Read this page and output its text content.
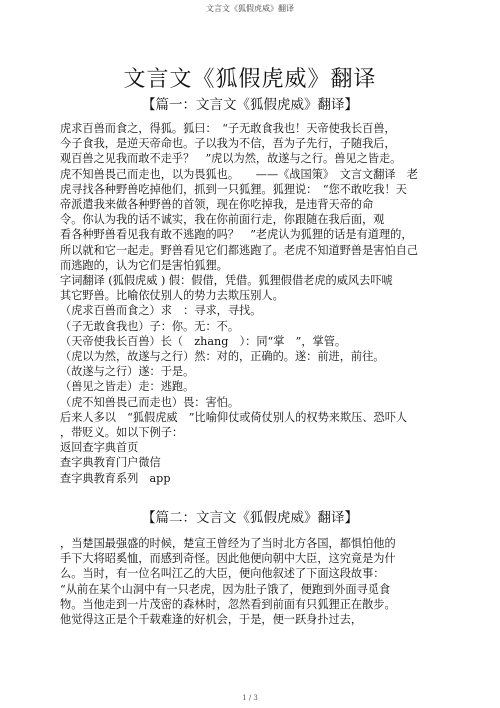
文言文《狐假虎威》翻译
文言文《狐假虎威》翻译
【篇一：文言文《狐假虎威》翻译】
虎求百兽而食之，得狐。狐曰：　“子无敢食我也！天帝使我长百兽，
今子食我，是逆天帝命也。子以我为不信，吾为子先行，子随我后，
观百兽之见我而敢不走乎？　”虎以为然，故遂与之行。兽见之皆走。
虎不知兽畏己而走也，以为畏狐也。　　——《战国策》　文言文翻译　老
虎寻找各种野兽吃掉他们，抓到一只狐狸。狐狸说：　“您不敢吃我！天
帝派遣我来做各种野兽的首领，现在你吃掉我，是违背天帝的命
令。你认为我的话不诚实，我在你前面行走，你跟随在我后面，观
看各种野兽看见我有敢不逃跑的吗？　”老虎认为狐狸的话是有道理的，
所以就和它一起走。野兽看见它们都逃跑了。老虎不知道野兽是害怕自己
而逃跑的，认为它们是害怕狐狸。
字词翻译 (狐假虎威 ) 假：假借，凭借。狐狸假借老虎的威风去吓唬
其它野兽。比喻依仗别人的势力去欺压别人。
（虎求百兽而食之）求　：寻求，寻找。
（子无敢食我也）子：你。无：不。
（天帝使我长百兽）长（　zhang　）：同“掌　”，掌管。
（虎以为然，故遂与之行）然：对的，正确的。遂：前进，前往。
（故遂与之行）遂：于是。
（兽见之皆走）走：逃跑。
（虎不知兽畏己而走也）畏：害怕。
后来人多以　“狐假虎威　”比喻仰仗或倚仗别人的权势来欺压、恐吓人
，带贬义。如以下例子：
返回查字典首页
查字典教育门户微信
查字典教育系列　app
【篇二：文言文《狐假虎威》翻译】
，当楚国最强盛的时候，楚宣王曾经为了当时北方各国，都惧怕他的
手下大将昭奚恤，而感到奇怪。因此他便向朝中大臣，这究竟是为什
么。当时，有一位名叫江乙的大臣，便向他叙述了下面这段故事：
“从前在某个山洞中有一只老虎，因为肚子饿了，便跑到外面寻觅食
物。当他走到一片茂密的森林时，忽然看到前面有只狐狸正在散步。
他觉得这正是个千载难逢的好机会，于是，便一跃身扑过去，
1 / 3
